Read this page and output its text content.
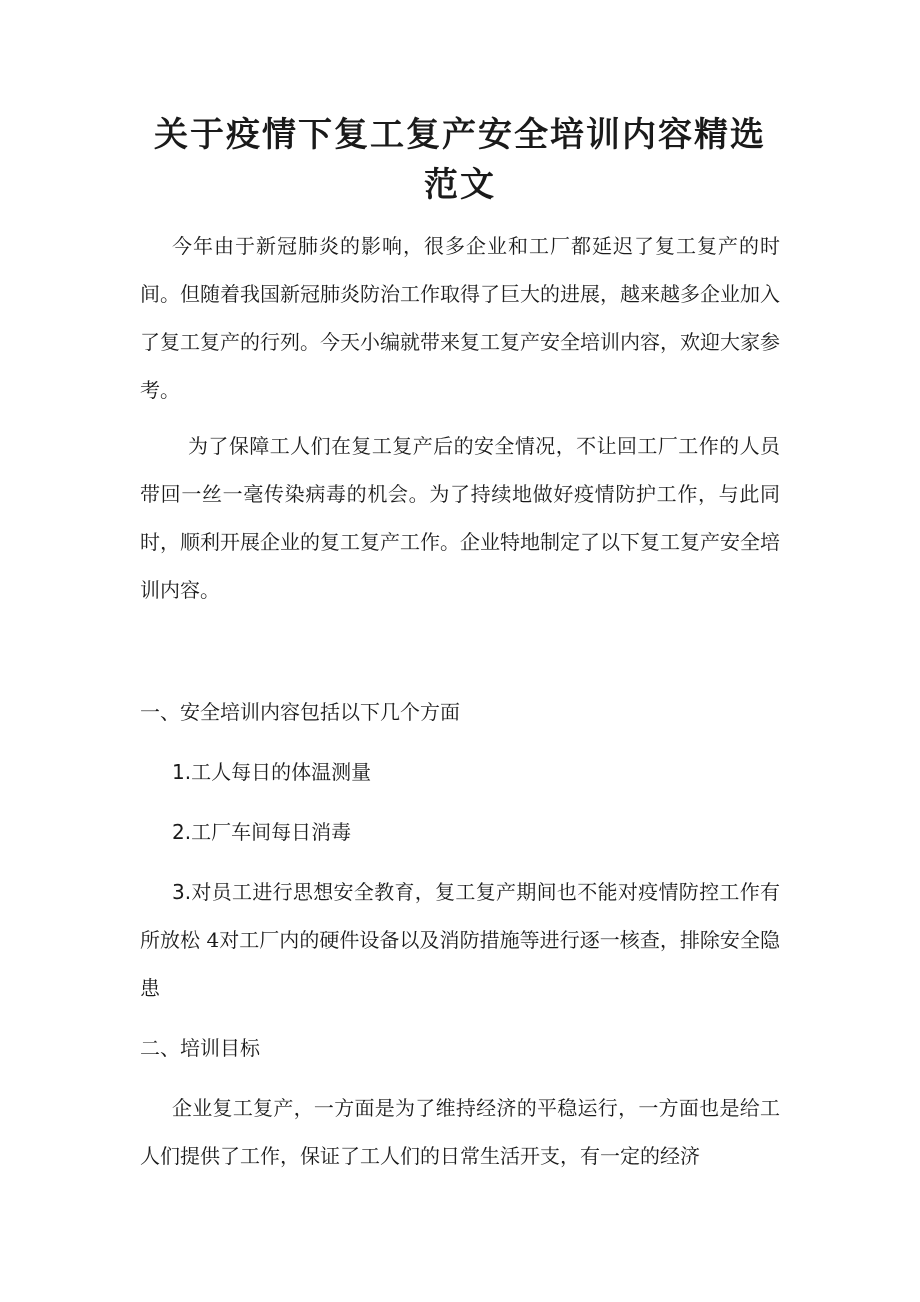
关于疫情下复工复产安全培训内容精选范文

今年由于新冠肺炎的影响，很多企业和工厂都延迟了复工复产的时间。但随着我国新冠肺炎防治工作取得了巨大的进展，越来越多企业加入了复工复产的行列。今天小编就带来复工复产安全培训内容，欢迎大家参考。

为了保障工人们在复工复产后的安全情况，不让回工厂工作的人员带回一丝一毫传染病毒的机会。为了持续地做好疫情防护工作，与此同时，顺利开展企业的复工复产工作。企业特地制定了以下复工复产安全培训内容。

一、安全培训内容包括以下几个方面

1.工人每日的体温测量

2.工厂车间每日消毒

3.对员工进行思想安全教育，复工复产期间也不能对疫情防控工作有所放松 4对工厂内的硬件设备以及消防措施等进行逐一核查，排除安全隐患

二、培训目标

企业复工复产，一方面是为了维持经济的平稳运行，一方面也是给工人们提供了工作，保证了工人们的日常生活开支，有一定的经济
